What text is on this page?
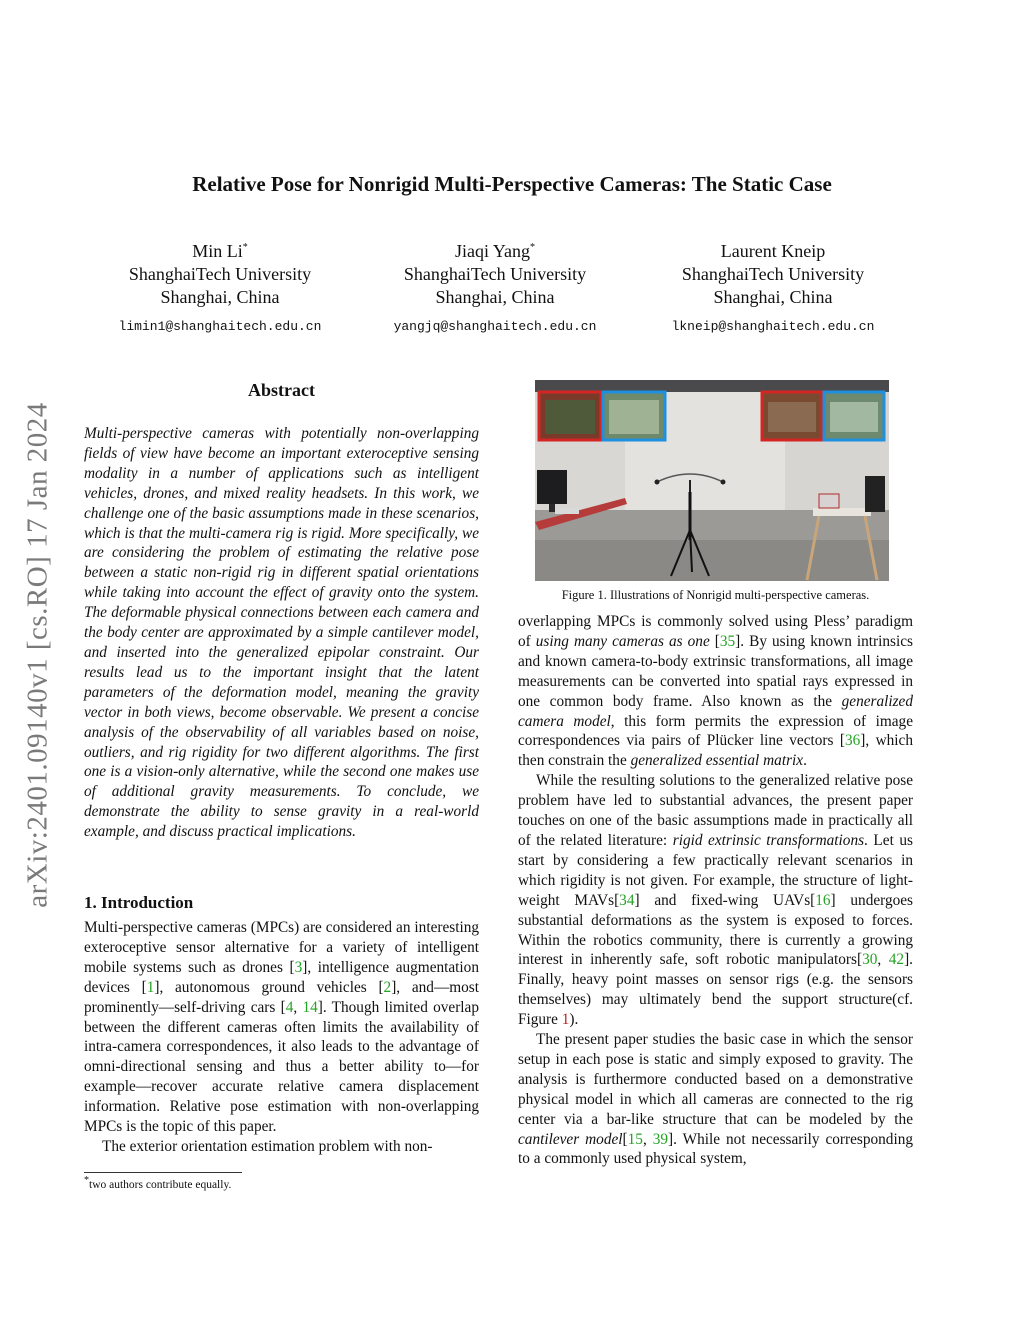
Relative Pose for Nonrigid Multi-Perspective Cameras: The Static Case
Min Li*
ShanghaiTech University
Shanghai, China
limin1@shanghaitech.edu.cn
Jiaqi Yang*
ShanghaiTech University
Shanghai, China
yangjq@shanghaitech.edu.cn
Laurent Kneip
ShanghaiTech University
Shanghai, China
lkneip@shanghaitech.edu.cn
arXiv:2401.09140v1 [cs.RO] 17 Jan 2024
Abstract
Multi-perspective cameras with potentially non-overlapping fields of view have become an important exteroceptive sensing modality in a number of applications such as intelligent vehicles, drones, and mixed reality headsets. In this work, we challenge one of the basic assumptions made in these scenarios, which is that the multi-camera rig is rigid. More specifically, we are considering the problem of estimating the relative pose between a static non-rigid rig in different spatial orientations while taking into account the effect of gravity onto the system. The deformable physical connections between each camera and the body center are approximated by a simple cantilever model, and inserted into the generalized epipolar constraint. Our results lead us to the important insight that the latent parameters of the deformation model, meaning the gravity vector in both views, become observable. We present a concise analysis of the observability of all variables based on noise, outliers, and rig rigidity for two different algorithms. The first one is a vision-only alternative, while the second one makes use of additional gravity measurements. To conclude, we demonstrate the ability to sense gravity in a real-world example, and discuss practical implications.
1. Introduction

Multi-perspective cameras (MPCs) are considered an interesting exteroceptive sensor alternative for a variety of intelligent mobile systems such as drones [3], intelligence augmentation devices [1], autonomous ground vehicles [2], and—most prominently—self-driving cars [4, 14]. Though limited overlap between the different cameras often limits the availability of intra-camera correspondences, it also leads to the advantage of omni-directional sensing and thus a better ability to—for example—recover accurate relative camera displacement information. Relative pose estimation with non-overlapping MPCs is the topic of this paper.

The exterior orientation estimation problem with non-

*two authors contribute equally.
Figure 1. Illustrations of Nonrigid multi-perspective cameras.

overlapping MPCs is commonly solved using Pless’ paradigm of using many cameras as one [35]. By using known intrinsics and known camera-to-body extrinsic transformations, all image measurements can be converted into spatial rays expressed in one common body frame. Also known as the generalized camera model, this form permits the expression of image correspondences via pairs of Plücker line vectors [36], which then constrain the generalized essential matrix.

While the resulting solutions to the generalized relative pose problem have led to substantial advances, the present paper touches on one of the basic assumptions made in practically all of the related literature: rigid extrinsic transformations. Let us start by considering a few practically relevant scenarios in which rigidity is not given. For example, the structure of light-weight MAVs[34] and fixed-wing UAVs[16] undergoes substantial deformations as the system is exposed to forces. Within the robotics community, there is currently a growing interest in inherently safe, soft robotic manipulators[30, 42]. Finally, heavy point masses on sensor rigs (e.g. the sensors themselves) may ultimately bend the support structure(cf. Figure 1).

The present paper studies the basic case in which the sensor setup in each pose is static and simply exposed to gravity. The analysis is furthermore conducted based on a demonstrative physical model in which all cameras are connected to the rig center via a bar-like structure that can be modeled by the cantilever model[15, 39]. While not necessarily corresponding to a commonly used physical system,
